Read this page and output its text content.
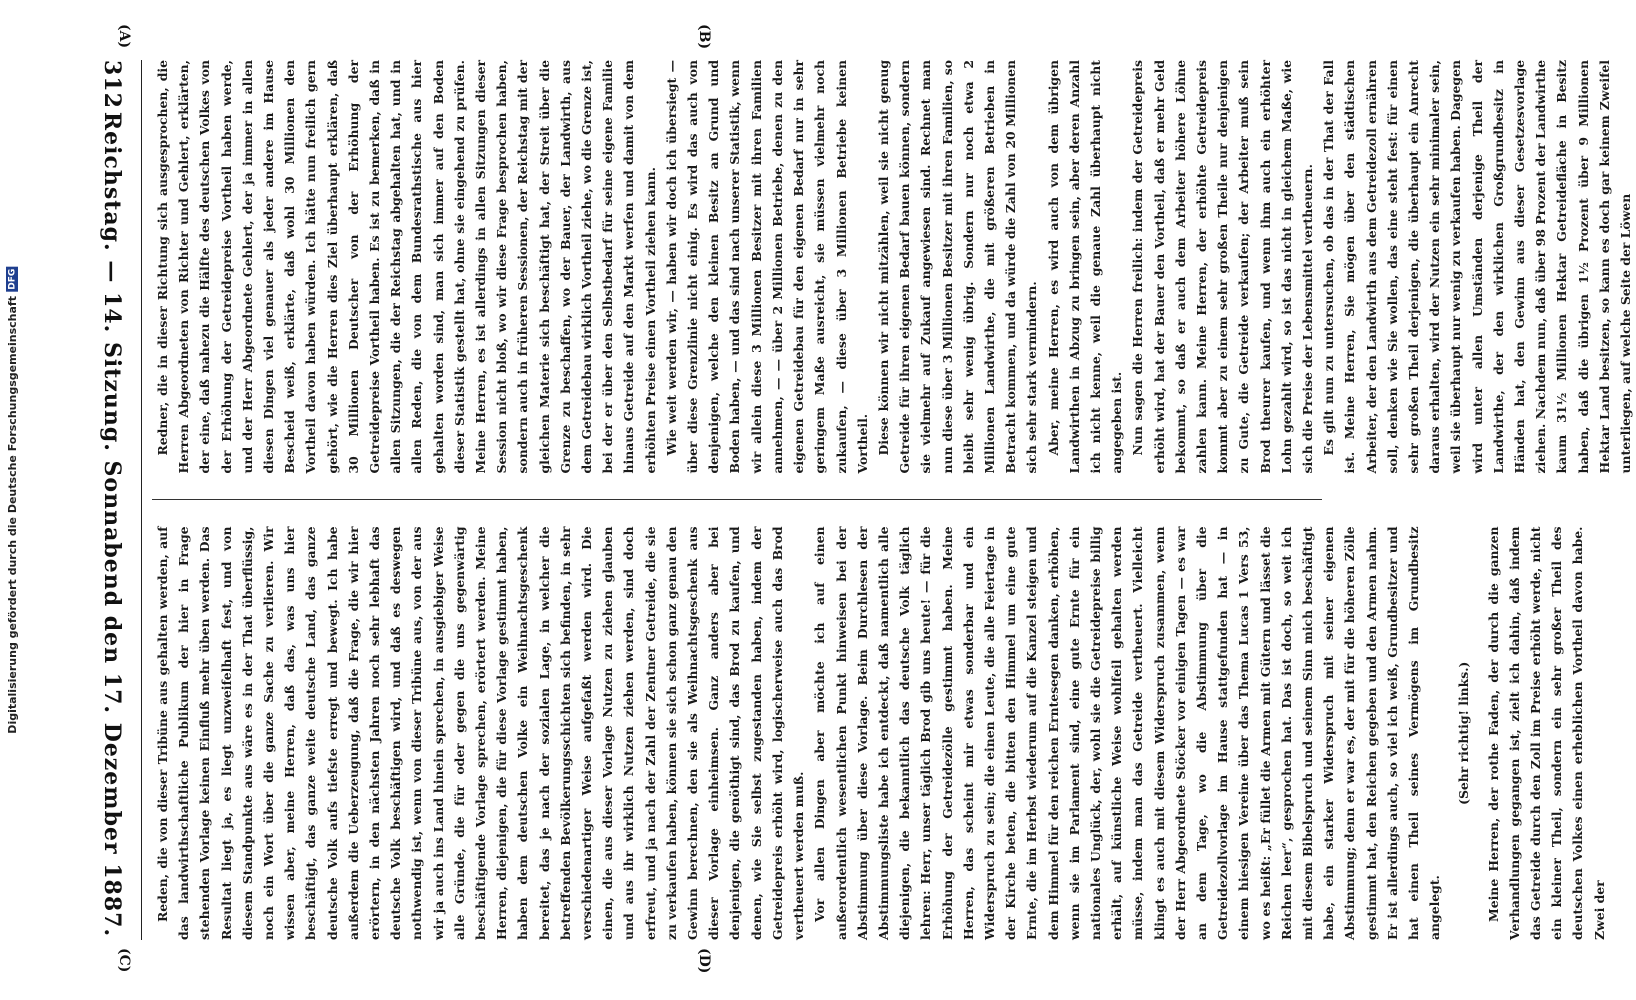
312
Reichstag. — 14. Sitzung. Sonnabend den 17. Dezember 1887. Reden, die von dieser Tribüne aus gehalten werden, auf das landwirthschaftliche Publikum der hier in Frage stehenden Vorlage keinen Einfluß mehr üben werden. Das Resultat liegt ja, es liegt unzweifelhaft fest, und von diesem Standpunkte aus wäre es in der That überflüssig, noch ein Wort über die ganze Sache zu verlieren. Wir wissen aber, meine Herren, daß das, was uns hier beschäftigt, das ganze weite deutsche Land, das ganze deutsche Volk aufs tiefste erregt und bewegt. Ich habe außerdem die Ueberzeugung, daß die Frage, die wir hier erörtern, in den nächsten Jahren noch sehr lebhaft das deutsche Volk beschäftigen wird, und daß es deswegen nothwendig ist, wenn von dieser Tribüne aus, von der aus wir ja auch ins Land hinein sprechen, in ausgiebiger Weise alle Gründe, die für oder gegen die uns gegenwärtig beschäftigende Vorlage sprechen, erörtert werden. Meine Herren, diejenigen, die für diese Vorlage gestimmt haben, haben dem deutschen Volke ein Weihnachtsgeschenk bereitet, das je nach der sozialen Lage, in welcher die betreffenden Bevölkerungsschichten sich befinden, in sehr verschiedenartiger Weise aufgefaßt werden wird. Die einen, die aus dieser Vorlage Nutzen zu ziehen glauben und aus ihr wirklich Nutzen ziehen werden, sind doch erfreut, und ja nach der Zahl der Zentner Getreide, die sie zu verkaufen haben, können sie sich schon ganz genau den Gewinn berechnen, den sie als Weihnachtsgeschenk aus dieser Vorlage einheimsen. Ganz anders aber bei denjenigen, die genöthigt sind, das Brod zu kaufen, und denen, wie Sie selbst zugestanden haben, indem der Getreidepreis erhöht wird, logischerweise auch das Brod vertheuert werden muß. Vor allen Dingen aber möchte ich auf einen außerordentlich wesentlichen Punkt hinweisen bei der Abstimmung über diese Vorlage. Beim Durchlesen der Abstimmungsliste habe ich entdeckt, daß namentlich alle diejenigen, die bekanntlich das deutsche Volk täglich lehren: Herr, unser täglich Brod gib uns heute! — für die Erhöhung der Getreidezölle gestimmt haben. Meine Herren, das scheint mir etwas sonderbar und ein Widerspruch zu sein; die einen Leute, die alle Feiertage in der Kirche beten, die bitten den Himmel um eine gute Ernte, die im Herbst wiederum auf die Kanzel steigen und dem Himmel für den reichen Erntesegen danken, erhöhen, wenn sie im Parlament sind, eine gute Ernte für ein nationales Unglück, der, wohl sie die Getreidepreise billig erhält, auf künstliche Weise wohlfeil gehalten werden müsse, indem man das Getreide vertheuert. Vielleicht klingt es auch mit diesem Widerspruch zusammen, wenn der Herr Abgeordnete Stöcker vor einigen Tagen — es war an dem Tage, wo die Abstimmung über die Getreidezollvorlage im Hause stattgefunden hat — in einem hiesigen Vereine über das Thema Lucas 1 Vers 53, wo es heißt: „Er füllet die Armen mit Gütern und lässet die Reichen leer“, gesprochen hat. Das ist doch, so weit ich mit diesem Bibelspruch und seinem Sinn mich beschäftigt habe, ein starker Widerspruch mit seiner eigenen Abstimmung; denn er war es, der mit für die höheren Zölle gestimmt hat, den Reichen gegeben und den Armen nahm. Er ist allerdings auch, so viel ich weiß, Grundbesitzer und hat einen Theil seines Vermögens im Grundbesitz angelegt.

(Sehr richtig! links.) Meine Herren, der rothe Faden, der durch die ganzen Verhandlungen gegangen ist, zielt ich dahin, daß indem das Getreide durch den Zoll im Preise erhöht werde, nicht ein kleiner Theil, sondern ein sehr großer Theil des deutschen Volkes einen erheblichen Vortheil davon habe. Zwei der

Redner, die in dieser Richtung sich ausgesprochen, die Herren Abgeordneten von Richter und Gehlert, erklärten, der eine, daß nahezu die Hälfte des deutschen Volkes von der Erhöhung der Getreidepreise Vortheil haben werde, und der Herr Abgeordnete Gehlert, der ja immer in allen diesen Dingen viel genauer als jeder andere im Hause Bescheid weiß, erklärte, daß wohl 30 Millionen den Vortheil davon haben würden. Ich hätte nun freilich gern gehört, wie die Herren dies Ziel überhaupt erklären, daß 30 Millionen Deutscher von der Erhöhung der Getreidepreise Vortheil haben. Es ist zu bemerken, daß in allen Sitzungen, die der Reichstag abgehalten hat, und in allen Reden, die von dem Bundesrathstische aus hier gehalten worden sind, man sich immer auf den Boden dieser Statistik gestellt hat, ohne sie eingehend zu prüfen. Meine Herren, es ist allerdings in allen Sitzungen dieser Session nicht bloß, wo wir diese Frage besprochen haben, sondern auch in früheren Sessionen, der Reichstag mit der gleichen Materie sich beschäftigt hat, der Streit über die Grenze zu beschaffen, wo der Bauer, der Landwirth, aus dem Getreidebau wirklich Vortheil ziehe, wo die Grenze ist, bei der er über den Selbstbedarf für seine eigene Familie hinaus Getreide auf den Markt werfen und damit von dem erhöhten Preise einen Vortheil ziehen kann. Wie weit werden wir, — haben wir doch ich übersiegt — über diese Grenzlinie nicht einig. Es wird das auch von denjenigen, welche den kleinen Besitz an Grund und Boden haben, — und das sind nach unserer Statistik, wenn wir allein diese 3 Millionen Besitzer mit ihren Familien annehmen, — — über 2 Millionen Betriebe, denen zu den eigenen Getreidebau für den eigenen Bedarf nur in sehr geringem Maße ausreicht, sie müssen vielmehr noch zukaufen, — diese über 3 Millionen Betriebe keinen Vortheil. Diese können wir nicht mitzählen, weil sie nicht genug Getreide für ihren eigenen Bedarf bauen können, sondern sie vielmehr auf Zukauf angewiesen sind. Rechnet man nun diese über 3 Millionen Besitzer mit ihren Familien, so bleibt sehr wenig übrig. Sondern nur noch etwa 2 Millionen Landwirthe, die mit größeren Betrieben in Betracht kommen, und da würde die Zahl von 20 Millionen sich sehr stark vermindern. Aber, meine Herren, es wird auch von dem übrigen Landwirthen in Abzug zu bringen sein, aber deren Anzahl ich nicht kenne, weil die genaue Zahl überhaupt nicht angegeben ist. Nun sagen die Herren freilich: indem der Getreidepreis erhöht wird, hat der Bauer den Vortheil, daß er mehr Geld bekommt, so daß er auch dem Arbeiter höhere Löhne zahlen kann. Meine Herren, der erhöhte Getreidepreis kommt aber zu einem sehr großen Theile nur denjenigen zu Gute, die Getreide verkaufen; der Arbeiter muß sein Brod theurer kaufen, und wenn ihm auch ein erhöhter Lohn gezahlt wird, so ist das nicht in gleichem Maße, wie sich die Preise der Lebensmittel vertheuern. Es gilt nun zu untersuchen, ob das in der That der Fall ist. Meine Herren, Sie mögen über den städtischen Arbeiter, der den Landwirth aus dem Getreidezoll ernähren soll, denken wie Sie wollen, das eine steht fest: für einen sehr großen Theil derjenigen, die überhaupt ein Anrecht daraus erhalten, wird der Nutzen ein sehr minimaler sein, weil sie überhaupt nur wenig zu verkaufen haben. Dagegen wird unter allen Umständen derjenige Theil der Landwirthe, der den wirklichen Großgrundbesitz in Händen hat, den Gewinn aus dieser Gesetzesvorlage ziehen. Nachdem nun, daß über 98 Prozent der Landwirthe kaum 31½ Millionen Hektar Getreidefläche in Besitz haben, daß die übrigen 1½ Prozent über 9 Millionen Hektar Land besitzen, so kann es doch gar keinem Zweifel unterliegen, auf welche Seite der Löwen

(A)	(B)
(C)	(D)
Digitalisierung gefördert durch die Deutsche Forschungsgemeinschaft
DFG
